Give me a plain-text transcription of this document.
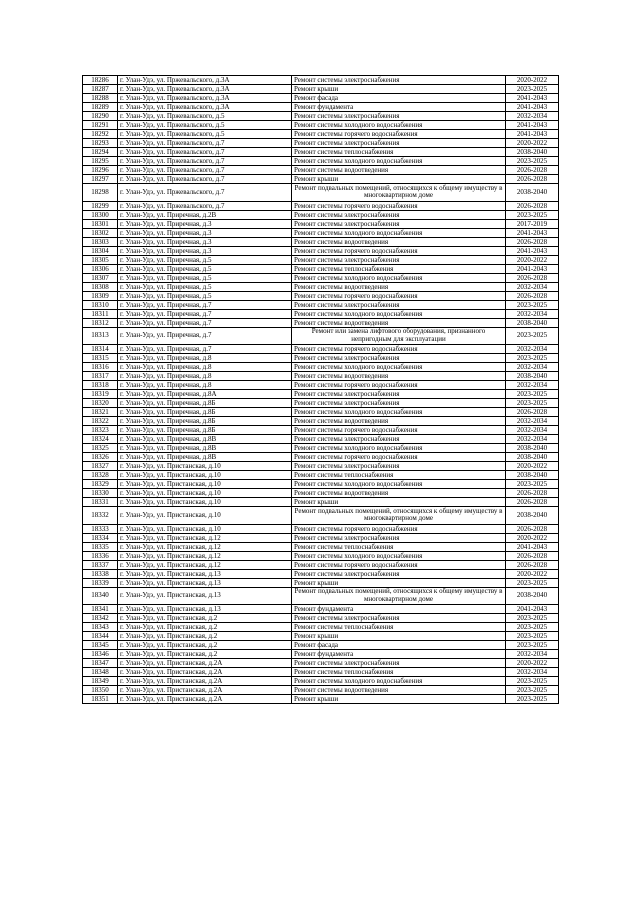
18286	г. Улан-Удэ, ул. Пржевальского, д.3А	Ремонт системы электроснабжения	2020-2022
18287	г. Улан-Удэ, ул. Пржевальского, д.3А	Ремонт крыши	2023-2025
18288	г. Улан-Удэ, ул. Пржевальского, д.3А	Ремонт фасада	2041-2043
18289	г. Улан-Удэ, ул. Пржевальского, д.3А	Ремонт фундамента	2041-2043
18290	г. Улан-Удэ, ул. Пржевальского, д.5	Ремонт системы электроснабжения	2032-2034
18291	г. Улан-Удэ, ул. Пржевальского, д.5	Ремонт системы холодного водоснабжения	2041-2043
18292	г. Улан-Удэ, ул. Пржевальского, д.5	Ремонт системы горячего водоснабжения	2041-2043
18293	г. Улан-Удэ, ул. Пржевальского, д.7	Ремонт системы электроснабжения	2020-2022
18294	г. Улан-Удэ, ул. Пржевальского, д.7	Ремонт системы теплоснабжения	2038-2040
18295	г. Улан-Удэ, ул. Пржевальского, д.7	Ремонт системы холодного водоснабжения	2023-2025
18296	г. Улан-Удэ, ул. Пржевальского, д.7	Ремонт системы водоотведения	2026-2028
18297	г. Улан-Удэ, ул. Пржевальского, д.7	Ремонт крыши	2026-2028
18298	г. Улан-Удэ, ул. Пржевальского, д.7	Ремонт подвальных помещений, относящихся к общему имуществу в многоквартирном доме	2038-2040
18299	г. Улан-Удэ, ул. Пржевальского, д.7	Ремонт системы горячего водоснабжения	2026-2028
18300	г. Улан-Удэ, ул. Приречная, д.2В	Ремонт системы электроснабжения	2023-2025
18301	г. Улан-Удэ, ул. Приречная, д.3	Ремонт системы электроснабжения	2017-2019
18302	г. Улан-Удэ, ул. Приречная, д.3	Ремонт системы холодного водоснабжения	2041-2043
18303	г. Улан-Удэ, ул. Приречная, д.3	Ремонт системы водоотведения	2026-2028
18304	г. Улан-Удэ, ул. Приречная, д.3	Ремонт системы горячего водоснабжения	2041-2043
18305	г. Улан-Удэ, ул. Приречная, д.5	Ремонт системы электроснабжения	2020-2022
18306	г. Улан-Удэ, ул. Приречная, д.5	Ремонт системы теплоснабжения	2041-2043
18307	г. Улан-Удэ, ул. Приречная, д.5	Ремонт системы холодного водоснабжения	2026-2028
18308	г. Улан-Удэ, ул. Приречная, д.5	Ремонт системы водоотведения	2032-2034
18309	г. Улан-Удэ, ул. Приречная, д.5	Ремонт системы горячего водоснабжения	2026-2028
18310	г. Улан-Удэ, ул. Приречная, д.7	Ремонт системы электроснабжения	2023-2025
18311	г. Улан-Удэ, ул. Приречная, д.7	Ремонт системы холодного водоснабжения	2032-2034
18312	г. Улан-Удэ, ул. Приречная, д.7	Ремонт системы водоотведения	2038-2040
18313	г. Улан-Удэ, ул. Приречная, д.7	Ремонт или замена лифтового оборудования, признанного непригодным для эксплуатации	2023-2025
18314	г. Улан-Удэ, ул. Приречная, д.7	Ремонт системы горячего водоснабжения	2032-2034
18315	г. Улан-Удэ, ул. Приречная, д.8	Ремонт системы электроснабжения	2023-2025
18316	г. Улан-Удэ, ул. Приречная, д.8	Ремонт системы холодного водоснабжения	2032-2034
18317	г. Улан-Удэ, ул. Приречная, д.8	Ремонт системы водоотведения	2038-2040
18318	г. Улан-Удэ, ул. Приречная, д.8	Ремонт системы горячего водоснабжения	2032-2034
18319	г. Улан-Удэ, ул. Приречная, д.8А	Ремонт системы электроснабжения	2023-2025
18320	г. Улан-Удэ, ул. Приречная, д.8Б	Ремонт системы электроснабжения	2023-2025
18321	г. Улан-Удэ, ул. Приречная, д.8Б	Ремонт системы холодного водоснабжения	2026-2028
18322	г. Улан-Удэ, ул. Приречная, д.8Б	Ремонт системы водоотведения	2032-2034
18323	г. Улан-Удэ, ул. Приречная, д.8Б	Ремонт системы горячего водоснабжения	2032-2034
18324	г. Улан-Удэ, ул. Приречная, д.8В	Ремонт системы электроснабжения	2032-2034
18325	г. Улан-Удэ, ул. Приречная, д.8В	Ремонт системы холодного водоснабжения	2038-2040
18326	г. Улан-Удэ, ул. Приречная, д.8В	Ремонт системы горячего водоснабжения	2038-2040
18327	г. Улан-Удэ, ул. Пристанская, д.10	Ремонт системы электроснабжения	2020-2022
18328	г. Улан-Удэ, ул. Пристанская, д.10	Ремонт системы теплоснабжения	2038-2040
18329	г. Улан-Удэ, ул. Пристанская, д.10	Ремонт системы холодного водоснабжения	2023-2025
18330	г. Улан-Удэ, ул. Пристанская, д.10	Ремонт системы водоотведения	2026-2028
18331	г. Улан-Удэ, ул. Пристанская, д.10	Ремонт крыши	2026-2028
18332	г. Улан-Удэ, ул. Пристанская, д.10	Ремонт подвальных помещений, относящихся к общему имуществу в многоквартирном доме	2038-2040
18333	г. Улан-Удэ, ул. Пристанская, д.10	Ремонт системы горячего водоснабжения	2026-2028
18334	г. Улан-Удэ, ул. Пристанская, д.12	Ремонт системы электроснабжения	2020-2022
18335	г. Улан-Удэ, ул. Пристанская, д.12	Ремонт системы теплоснабжения	2041-2043
18336	г. Улан-Удэ, ул. Пристанская, д.12	Ремонт системы холодного водоснабжения	2026-2028
18337	г. Улан-Удэ, ул. Пристанская, д.12	Ремонт системы горячего водоснабжения	2026-2028
18338	г. Улан-Удэ, ул. Пристанская, д.13	Ремонт системы электроснабжения	2020-2022
18339	г. Улан-Удэ, ул. Пристанская, д.13	Ремонт крыши	2023-2025
18340	г. Улан-Удэ, ул. Пристанская, д.13	Ремонт подвальных помещений, относящихся к общему имуществу в многоквартирном доме	2038-2040
18341	г. Улан-Удэ, ул. Пристанская, д.13	Ремонт фундамента	2041-2043
18342	г. Улан-Удэ, ул. Пристанская, д.2	Ремонт системы электроснабжения	2023-2025
18343	г. Улан-Удэ, ул. Пристанская, д.2	Ремонт системы теплоснабжения	2023-2025
18344	г. Улан-Удэ, ул. Пристанская, д.2	Ремонт крыши	2023-2025
18345	г. Улан-Удэ, ул. Пристанская, д.2	Ремонт фасада	2023-2025
18346	г. Улан-Удэ, ул. Пристанская, д.2	Ремонт фундамента	2032-2034
18347	г. Улан-Удэ, ул. Пристанская, д.2А	Ремонт системы электроснабжения	2020-2022
18348	г. Улан-Удэ, ул. Пристанская, д.2А	Ремонт системы теплоснабжения	2032-2034
18349	г. Улан-Удэ, ул. Пристанская, д.2А	Ремонт системы холодного водоснабжения	2023-2025
18350	г. Улан-Удэ, ул. Пристанская, д.2А	Ремонт системы водоотведения	2023-2025
18351	г. Улан-Удэ, ул. Пристанская, д.2А	Ремонт крыши	2023-2025
